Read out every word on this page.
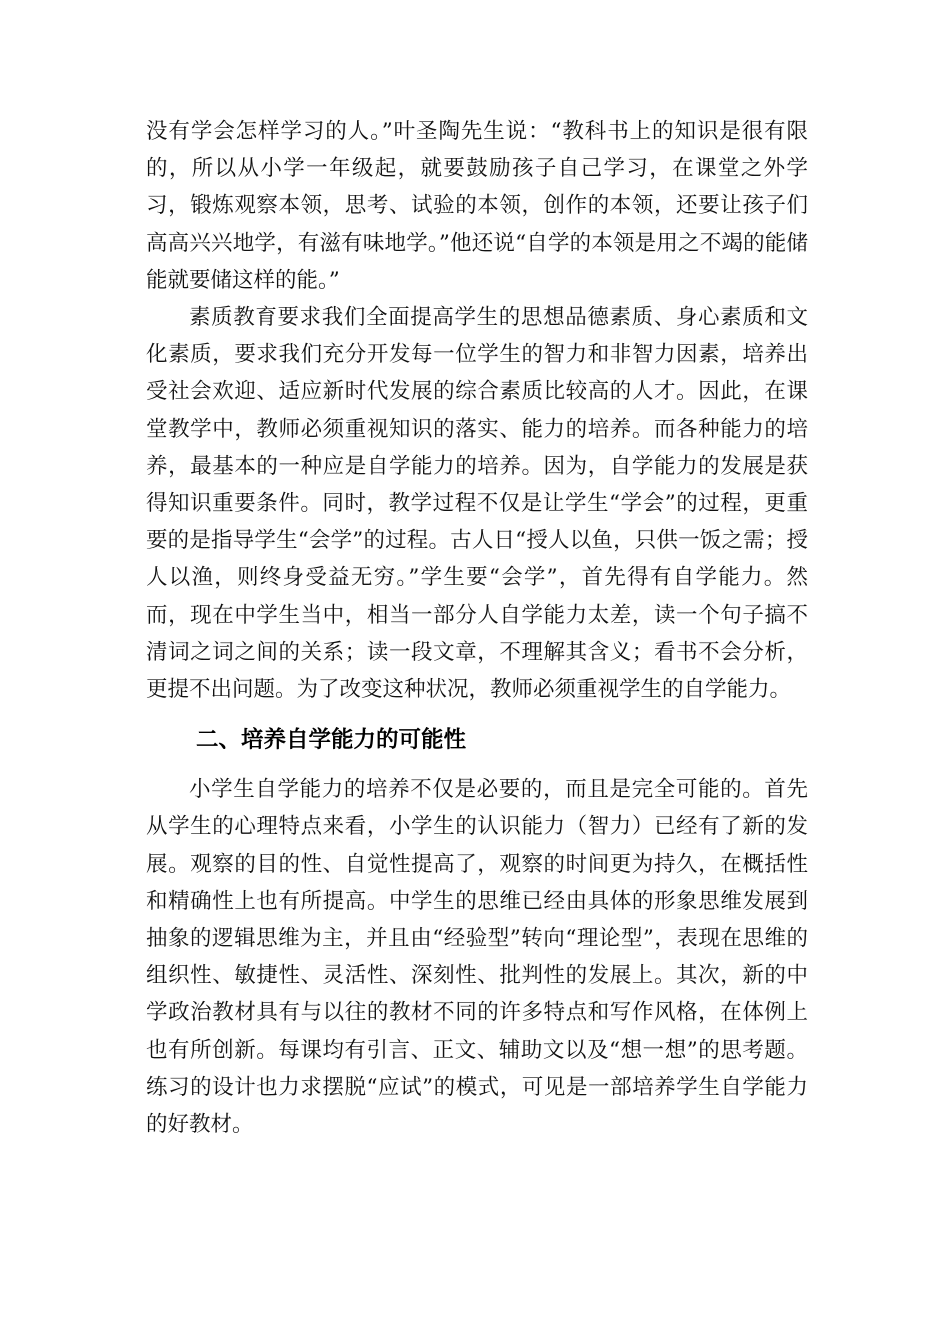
没有学会怎样学习的人。”叶圣陶先生说：“教科书上的知识是很有限的，所以从小学一年级起，就要鼓励孩子自己学习，在课堂之外学习，锻炼观察本领，思考、试验的本领，创作的本领，还要让孩子们高高兴兴地学，有滋有味地学。”他还说“自学的本领是用之不竭的能储能就要储这样的能。”

素质教育要求我们全面提高学生的思想品德素质、身心素质和文化素质，要求我们充分开发每一位学生的智力和非智力因素，培养出受社会欢迎、适应新时代发展的综合素质比较高的人才。因此，在课堂教学中，教师必须重视知识的落实、能力的培养。而各种能力的培养，最基本的一种应是自学能力的培养。因为，自学能力的发展是获得知识重要条件。同时，教学过程不仅是让学生“学会”的过程，更重要的是指导学生“会学”的过程。古人日“授人以鱼，只供一饭之需；授人以渔，则终身受益无穷。”学生要“会学”，首先得有自学能力。然而，现在中学生当中，相当一部分人自学能力太差，读一个句子搞不清词之词之间的关系；读一段文章，不理解其含义；看书不会分析，更提不出问题。为了改变这种状况，教师必须重视学生的自学能力。

二、培养自学能力的可能性

小学生自学能力的培养不仅是必要的，而且是完全可能的。首先从学生的心理特点来看，小学生的认识能力（智力）已经有了新的发展。观察的目的性、自觉性提高了，观察的时间更为持久，在概括性和精确性上也有所提高。中学生的思维已经由具体的形象思维发展到抽象的逻辑思维为主，并且由“经验型”转向“理论型”，表现在思维的组织性、敏捷性、灵活性、深刻性、批判性的发展上。其次，新的中学政治教材具有与以往的教材不同的许多特点和写作风格，在体例上也有所创新。每课均有引言、正文、辅助文以及“想一想”的思考题。练习的设计也力求摆脱“应试”的模式，可见是一部培养学生自学能力的好教材。
